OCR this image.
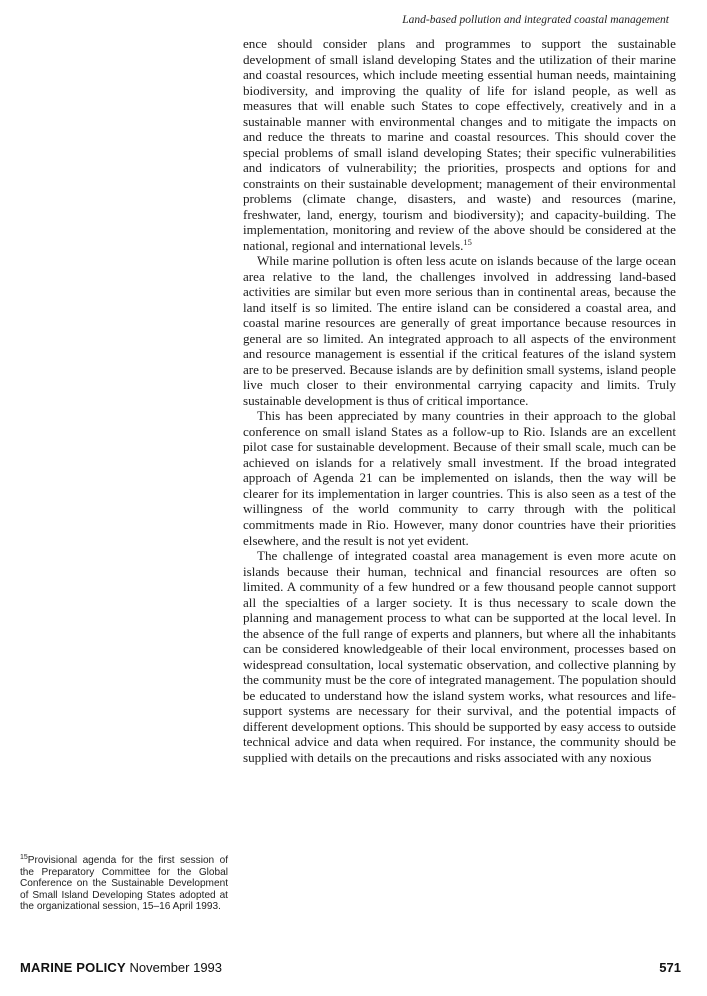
Land-based pollution and integrated coastal management

ence should consider plans and programmes to support the sustainable development of small island developing States and the utilization of their marine and coastal resources, which include meeting essential human needs, maintaining biodiversity, and improving the quality of life for island people, as well as measures that will enable such States to cope effectively, creatively and in a sustainable manner with environmental changes and to mitigate the impacts on and reduce the threats to marine and coastal resources. This should cover the special problems of small island developing States; their specific vulnerabilities and indicators of vulnerability; the priorities, prospects and options for and constraints on their sustainable development; management of their environmental problems (climate change, disasters, and waste) and resources (marine, freshwater, land, energy, tourism and biodiversity); and capacity-building. The implementation, monitoring and review of the above should be considered at the national, regional and international levels.$^{15}$

While marine pollution is often less acute on islands because of the large ocean area relative to the land, the challenges involved in addressing land-based activities are similar but even more serious than in continental areas, because the land itself is so limited. The entire island can be considered a coastal area, and coastal marine resources are generally of great importance because resources in general are so limited. An integrated approach to all aspects of the environment and resource management is essential if the critical features of the island system are to be preserved. Because islands are by definition small systems, island people live much closer to their environmental carrying capacity and limits. Truly sustainable development is thus of critical importance.

This has been appreciated by many countries in their approach to the global conference on small island States as a follow-up to Rio. Islands are an excellent pilot case for sustainable development. Because of their small scale, much can be achieved on islands for a relatively small investment. If the broad integrated approach of Agenda 21 can be implemented on islands, then the way will be clearer for its implementation in larger countries. This is also seen as a test of the willingness of the world community to carry through with the political commitments made in Rio. However, many donor countries have their priorities elsewhere, and the result is not yet evident.

The challenge of integrated coastal area management is even more acute on islands because their human, technical and financial resources are often so limited. A community of a few hundred or a few thousand people cannot support all the specialties of a larger society. It is thus necessary to scale down the planning and management process to what can be supported at the local level. In the absence of the full range of experts and planners, but where all the inhabitants can be considered knowledgeable of their local environment, processes based on widespread consultation, local systematic observation, and collective planning by the community must be the core of integrated management. The population should be educated to understand how the island system works, what resources and life-support systems are necessary for their survival, and the potential impacts of different development options. This should be supported by easy access to outside technical advice and data when required. For instance, the community should be supplied with details on the precautions and risks associated with any noxious

$^{15}$Provisional agenda for the first session of the Preparatory Committee for the Global Conference on the Sustainable Development of Small Island Developing States adopted at the organizational session, 15–16 April 1993.
MARINE POLICY November 1993	571
